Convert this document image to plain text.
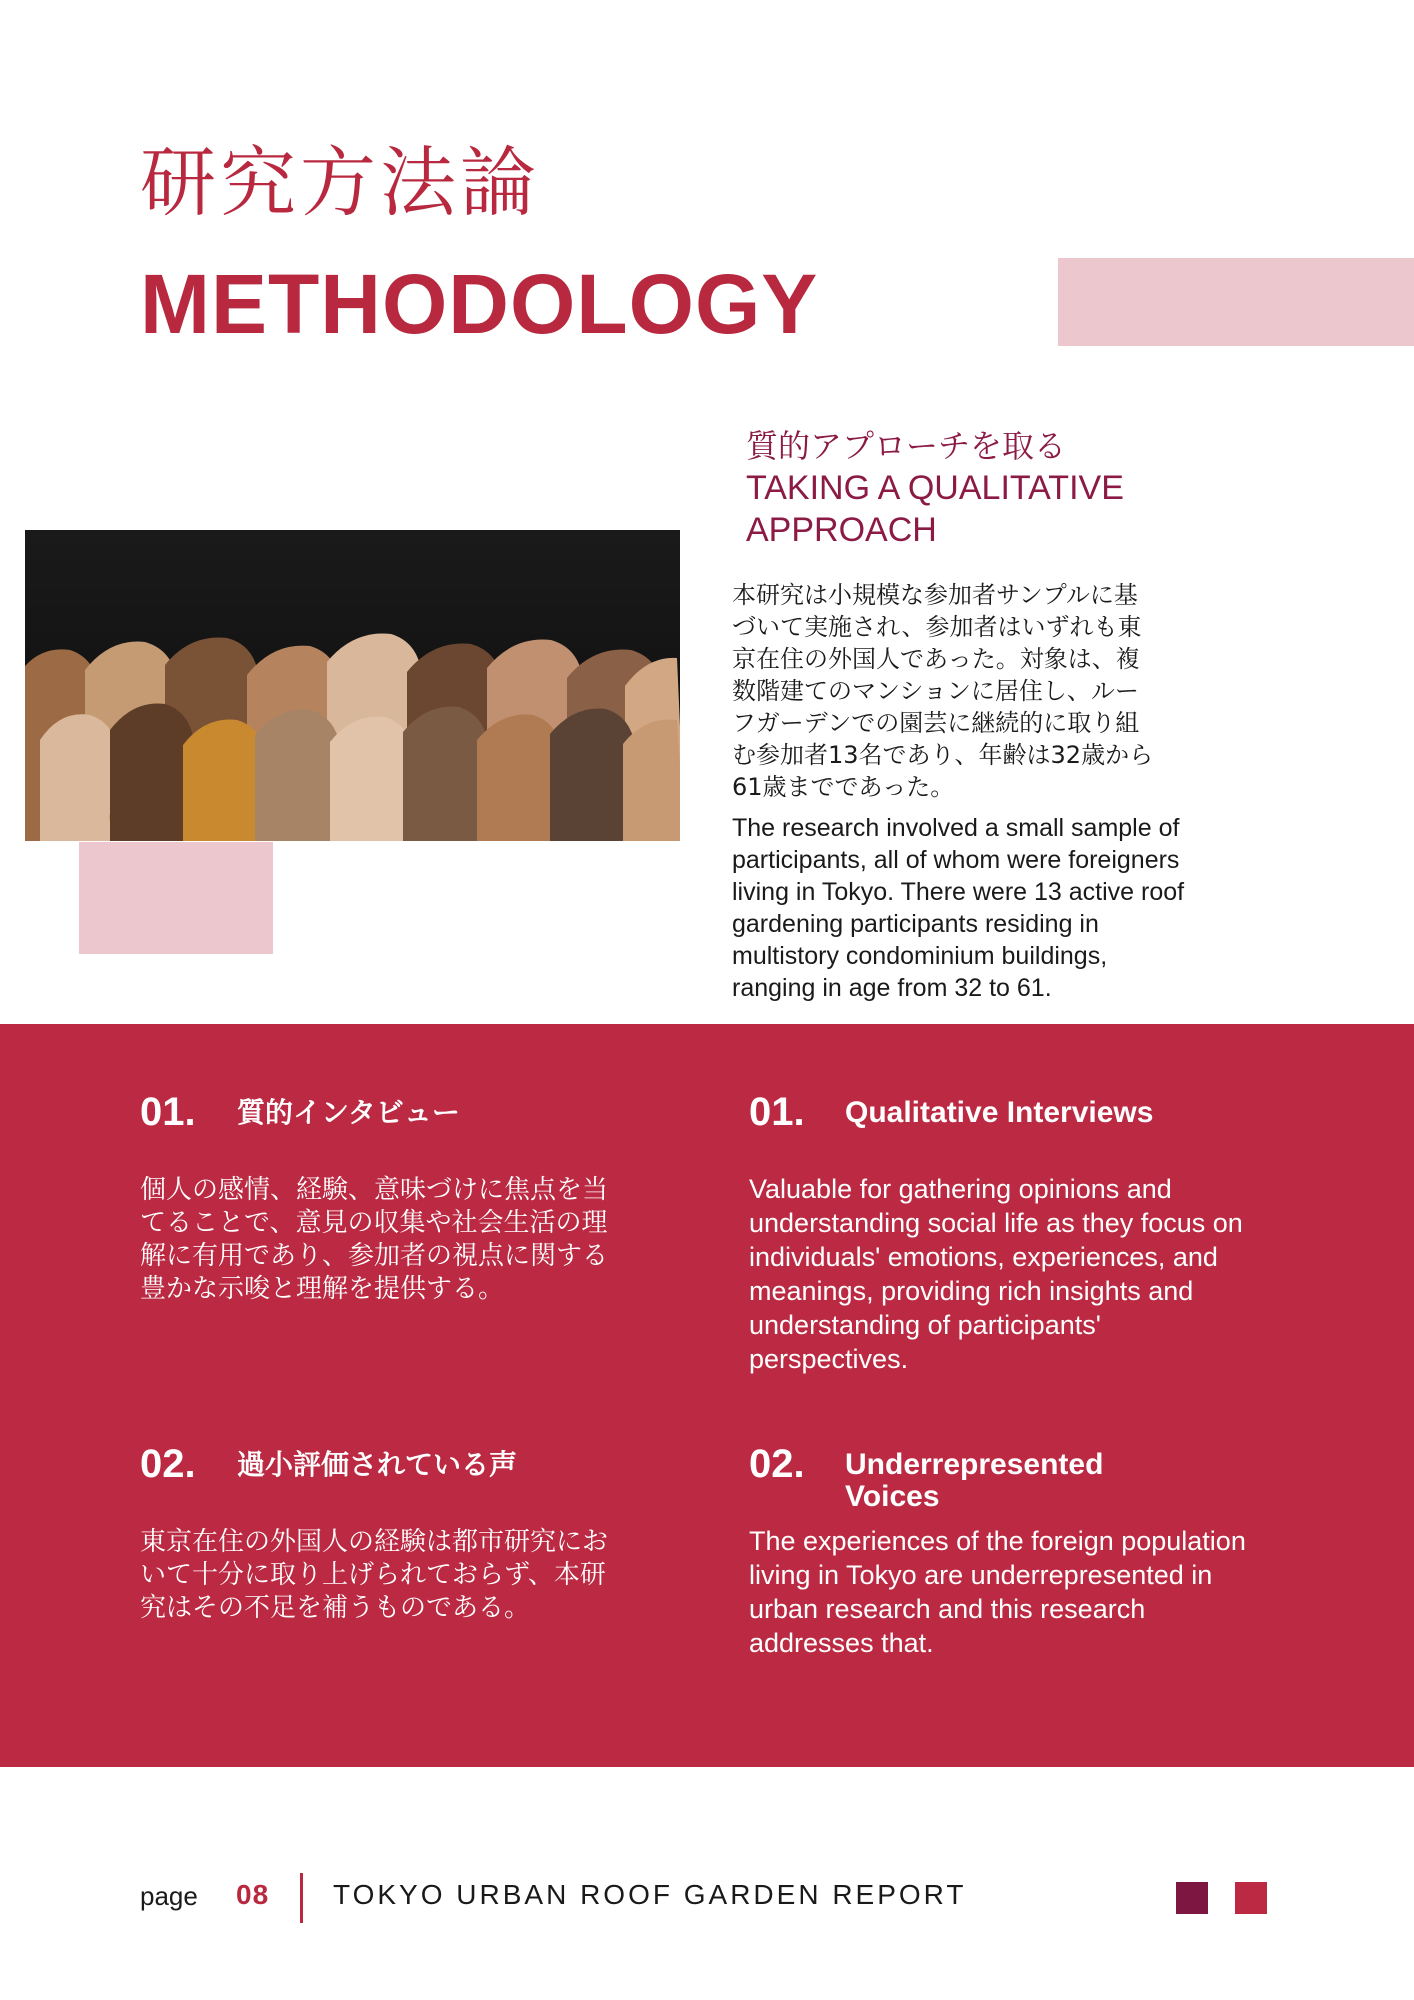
研究方法論
METHODOLOGY
質的アプローチを取る
TAKING A QUALITATIVE APPROACH
本研究は小規模な参加者サンプルに基
づいて実施され、参加者はいずれも東
京在住の外国人であった。対象は、複
数階建てのマンションに居住し、ルー
フガーデンでの園芸に継続的に取り組
む参加者13名であり、年齢は32歳から
61歳までであった。
The research involved a small sample of
participants, all of whom were foreigners
living in Tokyo. There were 13 active roof
gardening participants residing in
multistory condominium buildings,
ranging in age from 32 to 61.
01. 質的インタビュー
個人の感情、経験、意味づけに焦点を当
てることで、意見の収集や社会生活の理
解に有用であり、参加者の視点に関する
豊かな示唆と理解を提供する。
01. Qualitative Interviews
Valuable for gathering opinions and
understanding social life as they focus on
individuals' emotions, experiences, and
meanings, providing rich insights and
understanding of participants'
perspectives.
02. 過小評価されている声
東京在住の外国人の経験は都市研究にお
いて十分に取り上げられておらず、本研
究はその不足を補うものである。
02. Underrepresented
Voices
The experiences of the foreign population
living in Tokyo are underrepresented in
urban research and this research
addresses that.
page 08 TOKYO URBAN ROOF GARDEN REPORT
